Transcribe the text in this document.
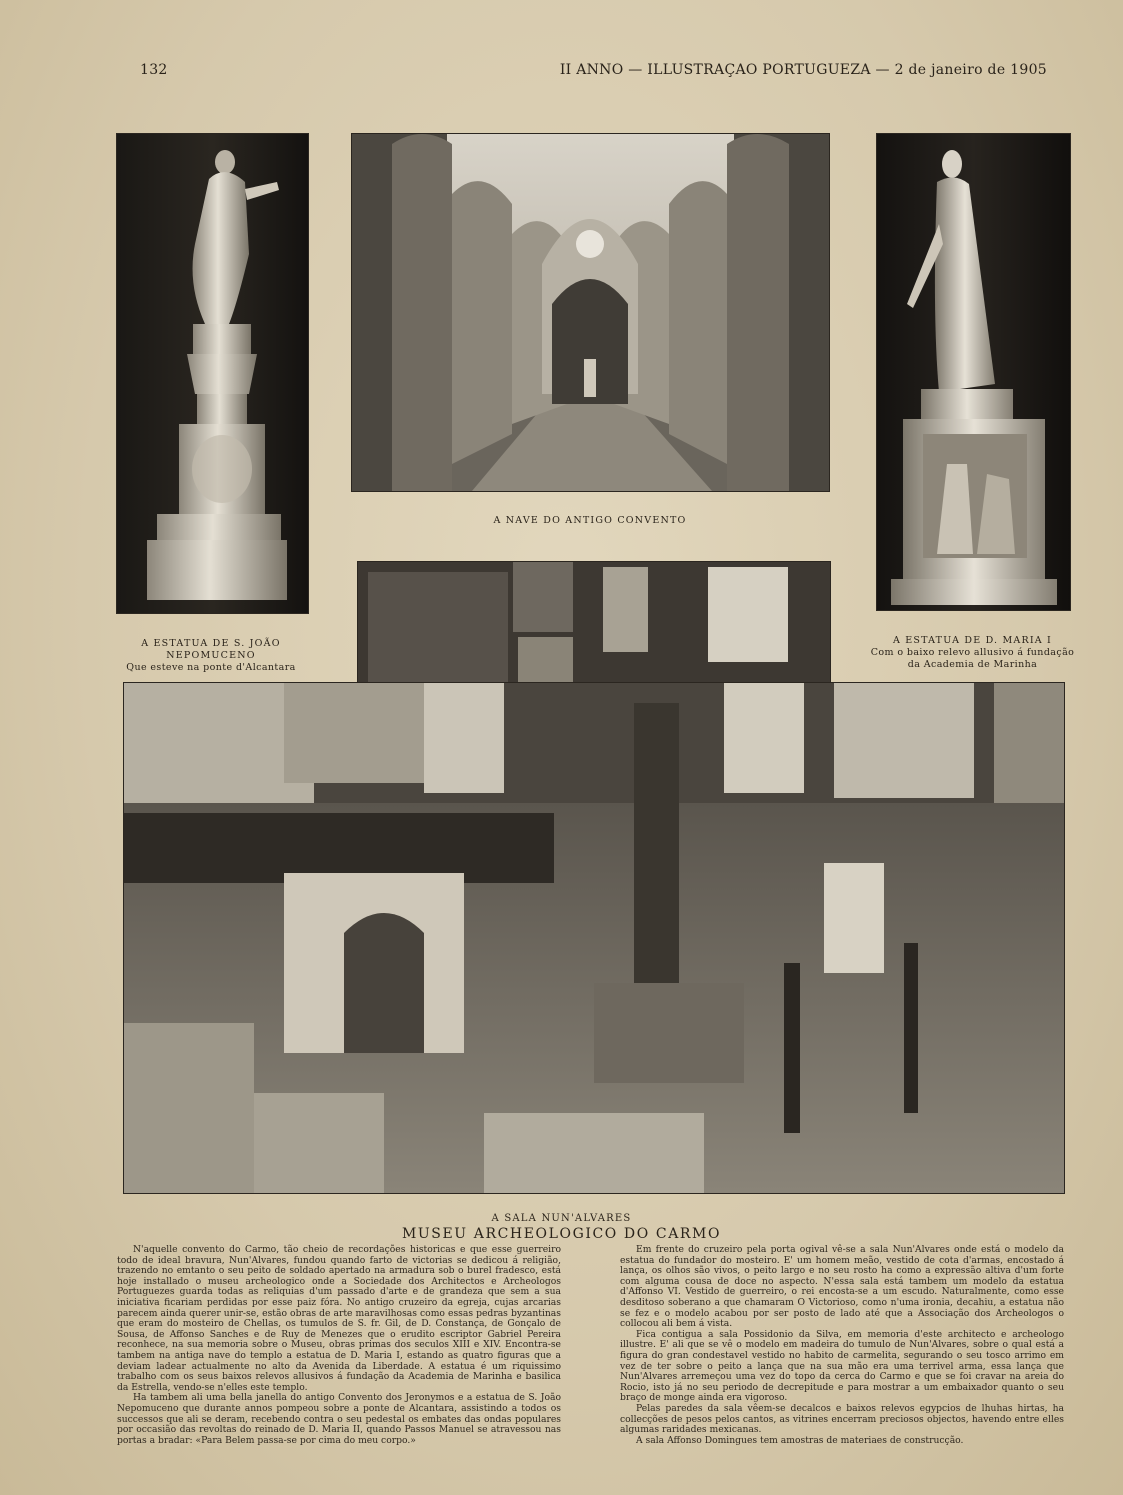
132	II ANNO — ILLUSTRAÇAO PORTUGUEZA — 2 de janeiro de 1905
A ESTATUA DE S. JOÃO NEPOMUCENO
Que esteve na ponte d'Alcantara
A NAVE DO ANTIGO CONVENTO
A ESTATUA DE D. MARIA I
Com o baixo relevo allusivo á fundação
da Academia de Marinha
A SALA NUN'ALVARES
MUSEU ARCHEOLOGICO DO CARMO

N'aquelle convento do Carmo, tão cheio de recordações historicas e que esse guerreiro todo de ideal bravura, Nun'Alvares, fundou quando farto de victorias se dedicou á religião, trazendo no emtanto o seu peito de soldado apertado na armadura sob o burel fradesco, está hoje installado o museu archeologico onde a Sociedade dos Architectos e Archeologos Portuguezes guarda todas as reliquias d'um passado d'arte e de grandeza que sem a sua iniciativa ficariam perdidas por esse paiz fóra. No antigo cruzeiro da egreja, cujas arcarias parecem ainda querer unir-se, estão obras de arte maravilhosas como essas pedras byzantinas que eram do mosteiro de Chellas, os tumulos de S. fr. Gil, de D. Constança, de Gonçalo de Sousa, de Affonso Sanches e de Ruy de Menezes que o erudito escriptor Gabriel Pereira reconhece, na sua memoria sobre o Museu, obras primas dos seculos XIII e XIV. Encontra-se tambem na antiga nave do templo a estatua de D. Maria I, estando as quatro figuras que a deviam ladear actualmente no alto da Avenida da Liberdade. A estatua é um riquissimo trabalho com os seus baixos relevos allusivos á fundação da Academia de Marinha e basilica da Estrella, vendo-se n'elles este templo.

Ha tambem ali uma bella janella do antigo Convento dos Jeronymos e a estatua de S. João Nepomuceno que durante annos pompeou sobre a ponte de Alcantara, assistindo a todos os successos que ali se deram, recebendo contra o seu pedestal os embates das ondas populares por occasião das revoltas do reinado de D. Maria II, quando Passos Manuel se atravessou nas portas a bradar: «Para Belem passa-se por cima do meu corpo.»

Em frente do cruzeiro pela porta ogival vê-se a sala Nun'Alvares onde está o modelo da estatua do fundador do mosteiro. E' um homem meão, vestido de cota d'armas, encostado á lança, os olhos são vivos, o peito largo e no seu rosto ha como a expressão altiva d'um forte com alguma cousa de doce no aspecto. N'essa sala está tambem um modelo da estatua d'Affonso VI. Vestido de guerreiro, o rei encosta-se a um escudo. Naturalmente, como esse desditoso soberano a que chamaram O Victorioso, como n'uma ironia, decahiu, a estatua não se fez e o modelo acabou por ser posto de lado até que a Associação dos Archeologos o collocou ali bem á vista.

Fica contigua a sala Possidonio da Silva, em memoria d'este architecto e archeologo illustre. E' ali que se vê o modelo em madeira do tumulo de Nun'Alvares, sobre o qual está a figura do gran condestavel vestido no habito de carmelita, segurando o seu tosco arrimo em vez de ter sobre o peito a lança que na sua mão era uma terrivel arma, essa lança que Nun'Alvares arremeçou uma vez do topo da cerca do Carmo e que se foi cravar na areia do Rocio, isto já no seu periodo de decrepitude e para mostrar a um embaixador quanto o seu braço de monge ainda era vigoroso.

Pelas paredes da sala vêem-se decalcos e baixos relevos egypcios de lhuhas hirtas, ha collecções de pesos pelos cantos, as vitrines encerram preciosos objectos, havendo entre elles algumas raridades mexicanas.

A sala Affonso Domingues tem amostras de materiaes de construcção.
